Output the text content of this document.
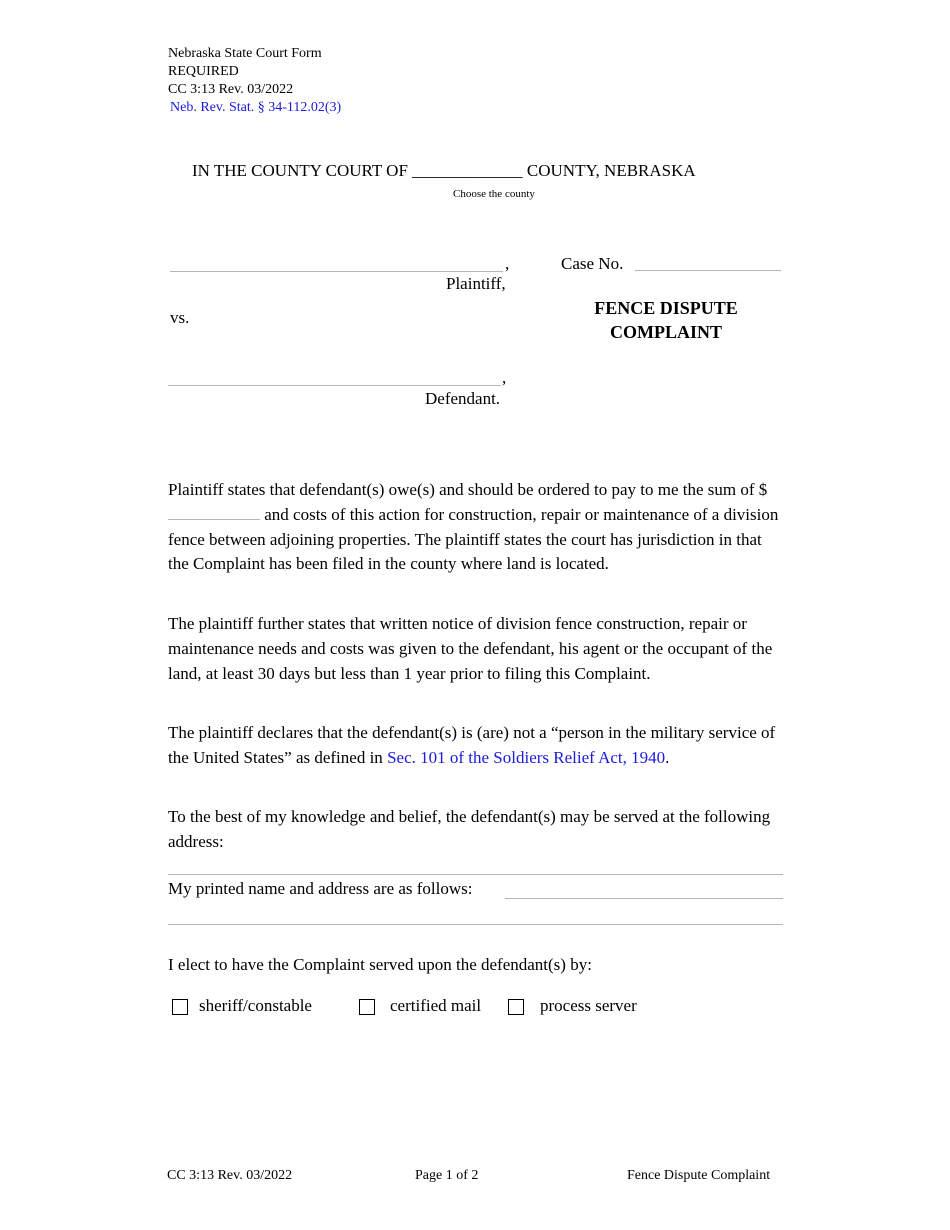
Nebraska State Court Form
REQUIRED
CC 3:13 Rev. 03/2022
Neb. Rev. Stat. § 34-112.02(3)
IN THE COUNTY COURT OF _____________ COUNTY, NEBRASKA
Choose the county
,
Plaintiff,
Case No.
FENCE DISPUTE
COMPLAINT
vs.
,
Defendant.
Plaintiff states that defendant(s) owe(s) and should be ordered to pay to me the sum of $  and costs of this action for construction, repair or maintenance of a division fence between adjoining properties. The plaintiff states the court has jurisdiction in that the Complaint has been filed in the county where land is located.
The plaintiff further states that written notice of division fence construction, repair or maintenance needs and costs was given to the defendant, his agent or the occupant of the land, at least 30 days but less than 1 year prior to filing this Complaint.
The plaintiff declares that the defendant(s) is (are) not a “person in the military service of the United States” as defined in Sec. 101 of the Soldiers Relief Act, 1940.
To the best of my knowledge and belief, the defendant(s) may be served at the following address:
My printed name and address are as follows:
I elect to have the Complaint served upon the defendant(s) by:
sheriff/constable	certified mail	process server
CC 3:13 Rev. 03/2022	Page 1 of 2	Fence Dispute Complaint
